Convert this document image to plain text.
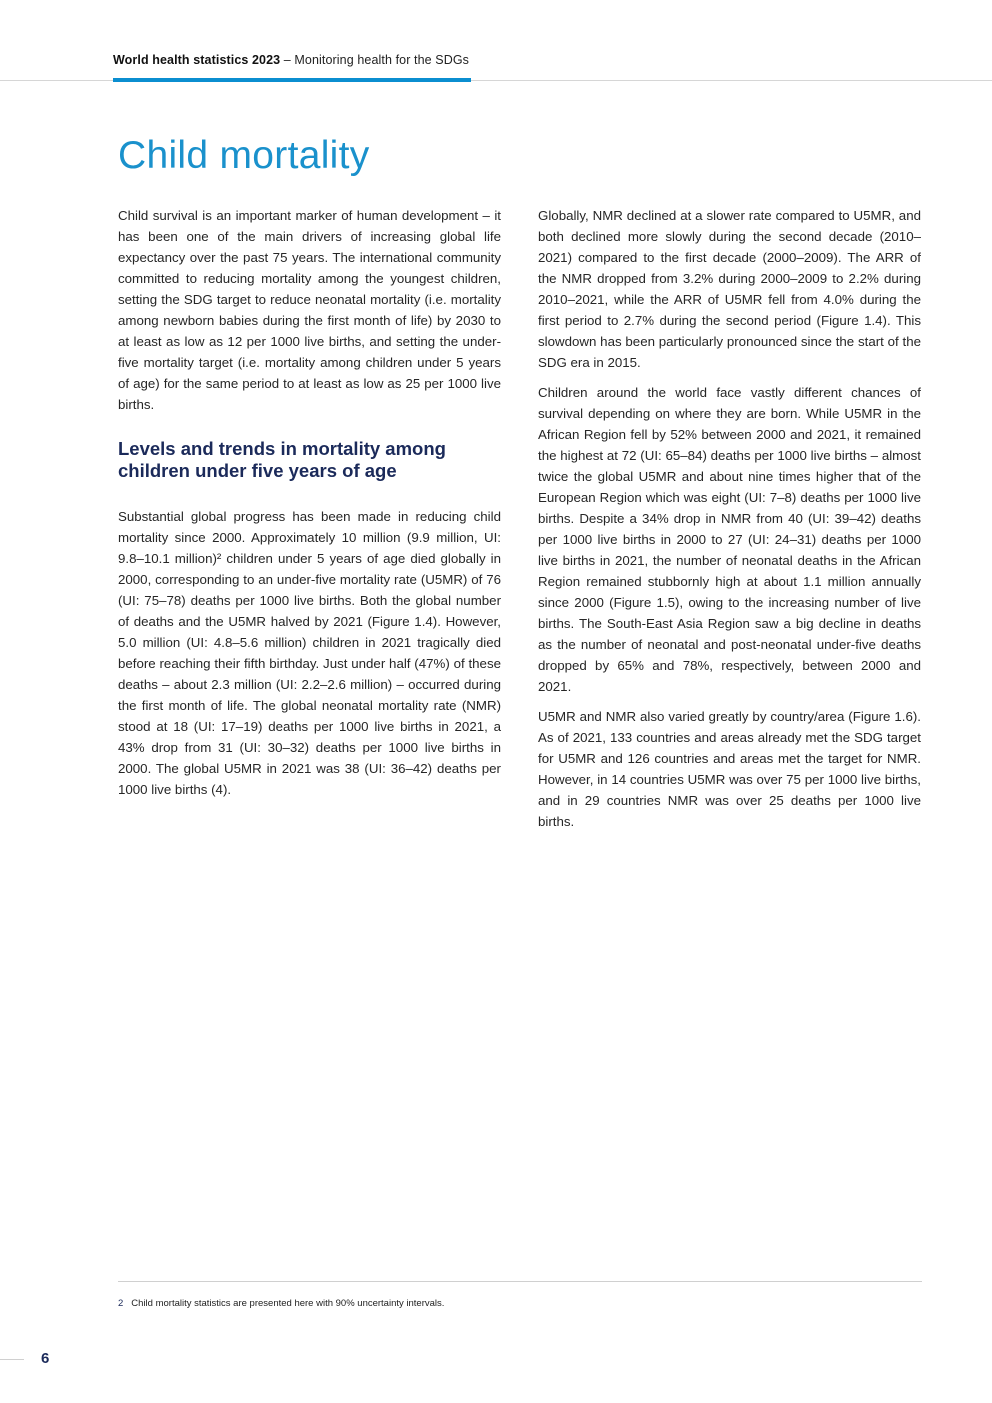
World health statistics 2023 – Monitoring health for the SDGs
Child mortality

Child survival is an important marker of human development – it has been one of the main drivers of increasing global life expectancy over the past 75 years. The international community committed to reducing mortality among the youngest children, setting the SDG target to reduce neonatal mortality (i.e. mortality among newborn babies during the first month of life) by 2030 to at least as low as 12 per 1000 live births, and setting the under-five mortality target (i.e. mortality among children under 5 years of age) for the same period to at least as low as 25 per 1000 live births.

Levels and trends in mortality among children under five years of age

Substantial global progress has been made in reducing child mortality since 2000. Approximately 10 million (9.9 million, UI: 9.8–10.1 million)² children under 5 years of age died globally in 2000, corresponding to an under-five mortality rate (U5MR) of 76 (UI: 75–78) deaths per 1000 live births. Both the global number of deaths and the U5MR halved by 2021 (Figure 1.4). However, 5.0 million (UI: 4.8–5.6 million) children in 2021 tragically died before reaching their fifth birthday. Just under half (47%) of these deaths – about 2.3 million (UI: 2.2–2.6 million) – occurred during the first month of life. The global neonatal mortality rate (NMR) stood at 18 (UI: 17–19) deaths per 1000 live births in 2021, a 43% drop from 31 (UI: 30–32) deaths per 1000 live births in 2000. The global U5MR in 2021 was 38 (UI: 36–42) deaths per 1000 live births (4).

Globally, NMR declined at a slower rate compared to U5MR, and both declined more slowly during the second decade (2010–2021) compared to the first decade (2000–2009). The ARR of the NMR dropped from 3.2% during 2000–2009 to 2.2% during 2010–2021, while the ARR of U5MR fell from 4.0% during the first period to 2.7% during the second period (Figure 1.4). This slowdown has been particularly pronounced since the start of the SDG era in 2015.

Children around the world face vastly different chances of survival depending on where they are born. While U5MR in the African Region fell by 52% between 2000 and 2021, it remained the highest at 72 (UI: 65–84) deaths per 1000 live births – almost twice the global U5MR and about nine times higher that of the European Region which was eight (UI: 7–8) deaths per 1000 live births. Despite a 34% drop in NMR from 40 (UI: 39–42) deaths per 1000 live births in 2000 to 27 (UI: 24–31) deaths per 1000 live births in 2021, the number of neonatal deaths in the African Region remained stubbornly high at about 1.1 million annually since 2000 (Figure 1.5), owing to the increasing number of live births. The South-East Asia Region saw a big decline in deaths as the number of neonatal and post-neonatal under-five deaths dropped by 65% and 78%, respectively, between 2000 and 2021.

U5MR and NMR also varied greatly by country/area (Figure 1.6). As of 2021, 133 countries and areas already met the SDG target for U5MR and 126 countries and areas met the target for NMR. However, in 14 countries U5MR was over 75 per 1000 live births, and in 29 countries NMR was over 25 deaths per 1000 live births.

2 Child mortality statistics are presented here with 90% uncertainty intervals.
6
